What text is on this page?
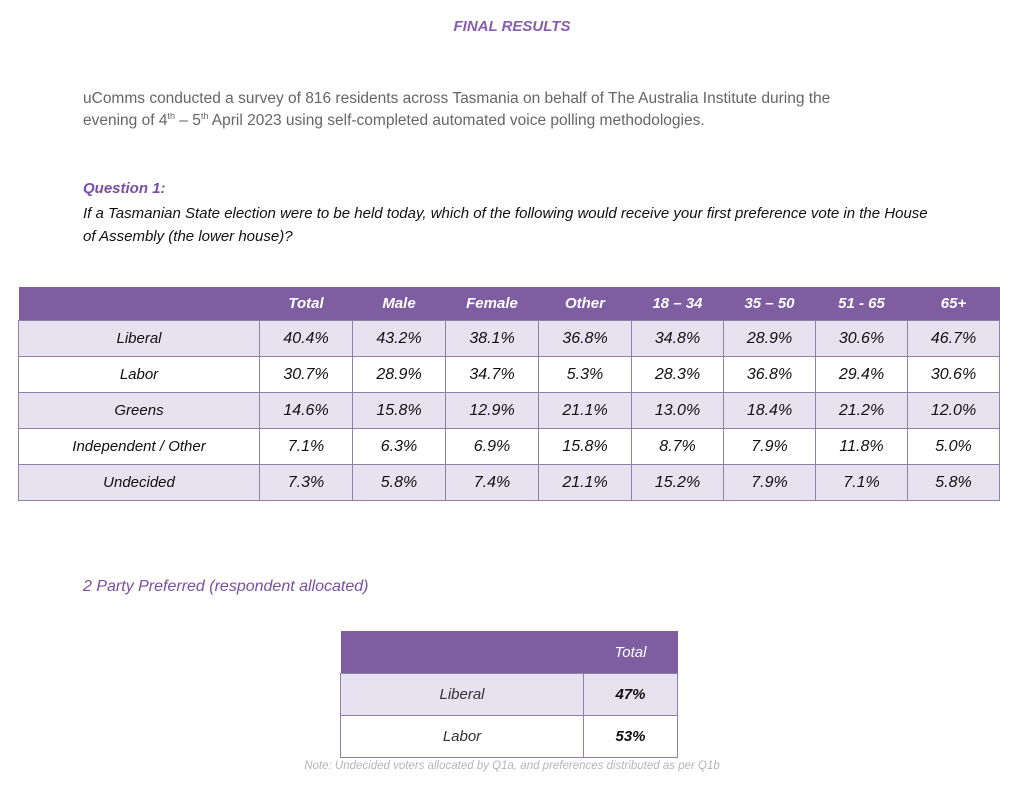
FINAL RESULTS
uComms conducted a survey of 816 residents across Tasmania on behalf of The Australia Institute during the
evening of 4th – 5th April 2023 using self-completed automated voice polling methodologies.
Question 1:
If a Tasmanian State election were to be held today, which of the following would receive your first preference vote in the House of Assembly (the lower house)?
	Total	Male	Female	Other	18 – 34	35 – 50	51 - 65	65+
Liberal	40.4%	43.2%	38.1%	36.8%	34.8%	28.9%	30.6%	46.7%
Labor	30.7%	28.9%	34.7%	5.3%	28.3%	36.8%	29.4%	30.6%
Greens	14.6%	15.8%	12.9%	21.1%	13.0%	18.4%	21.2%	12.0%
Independent / Other	7.1%	6.3%	6.9%	15.8%	8.7%	7.9%	11.8%	5.0%
Undecided	7.3%	5.8%	7.4%	21.1%	15.2%	7.9%	7.1%	5.8%
2 Party Preferred (respondent allocated)
	Total
Liberal	47%
Labor	53%
Note: Undecided voters allocated by Q1a, and preferences distributed as per Q1b
